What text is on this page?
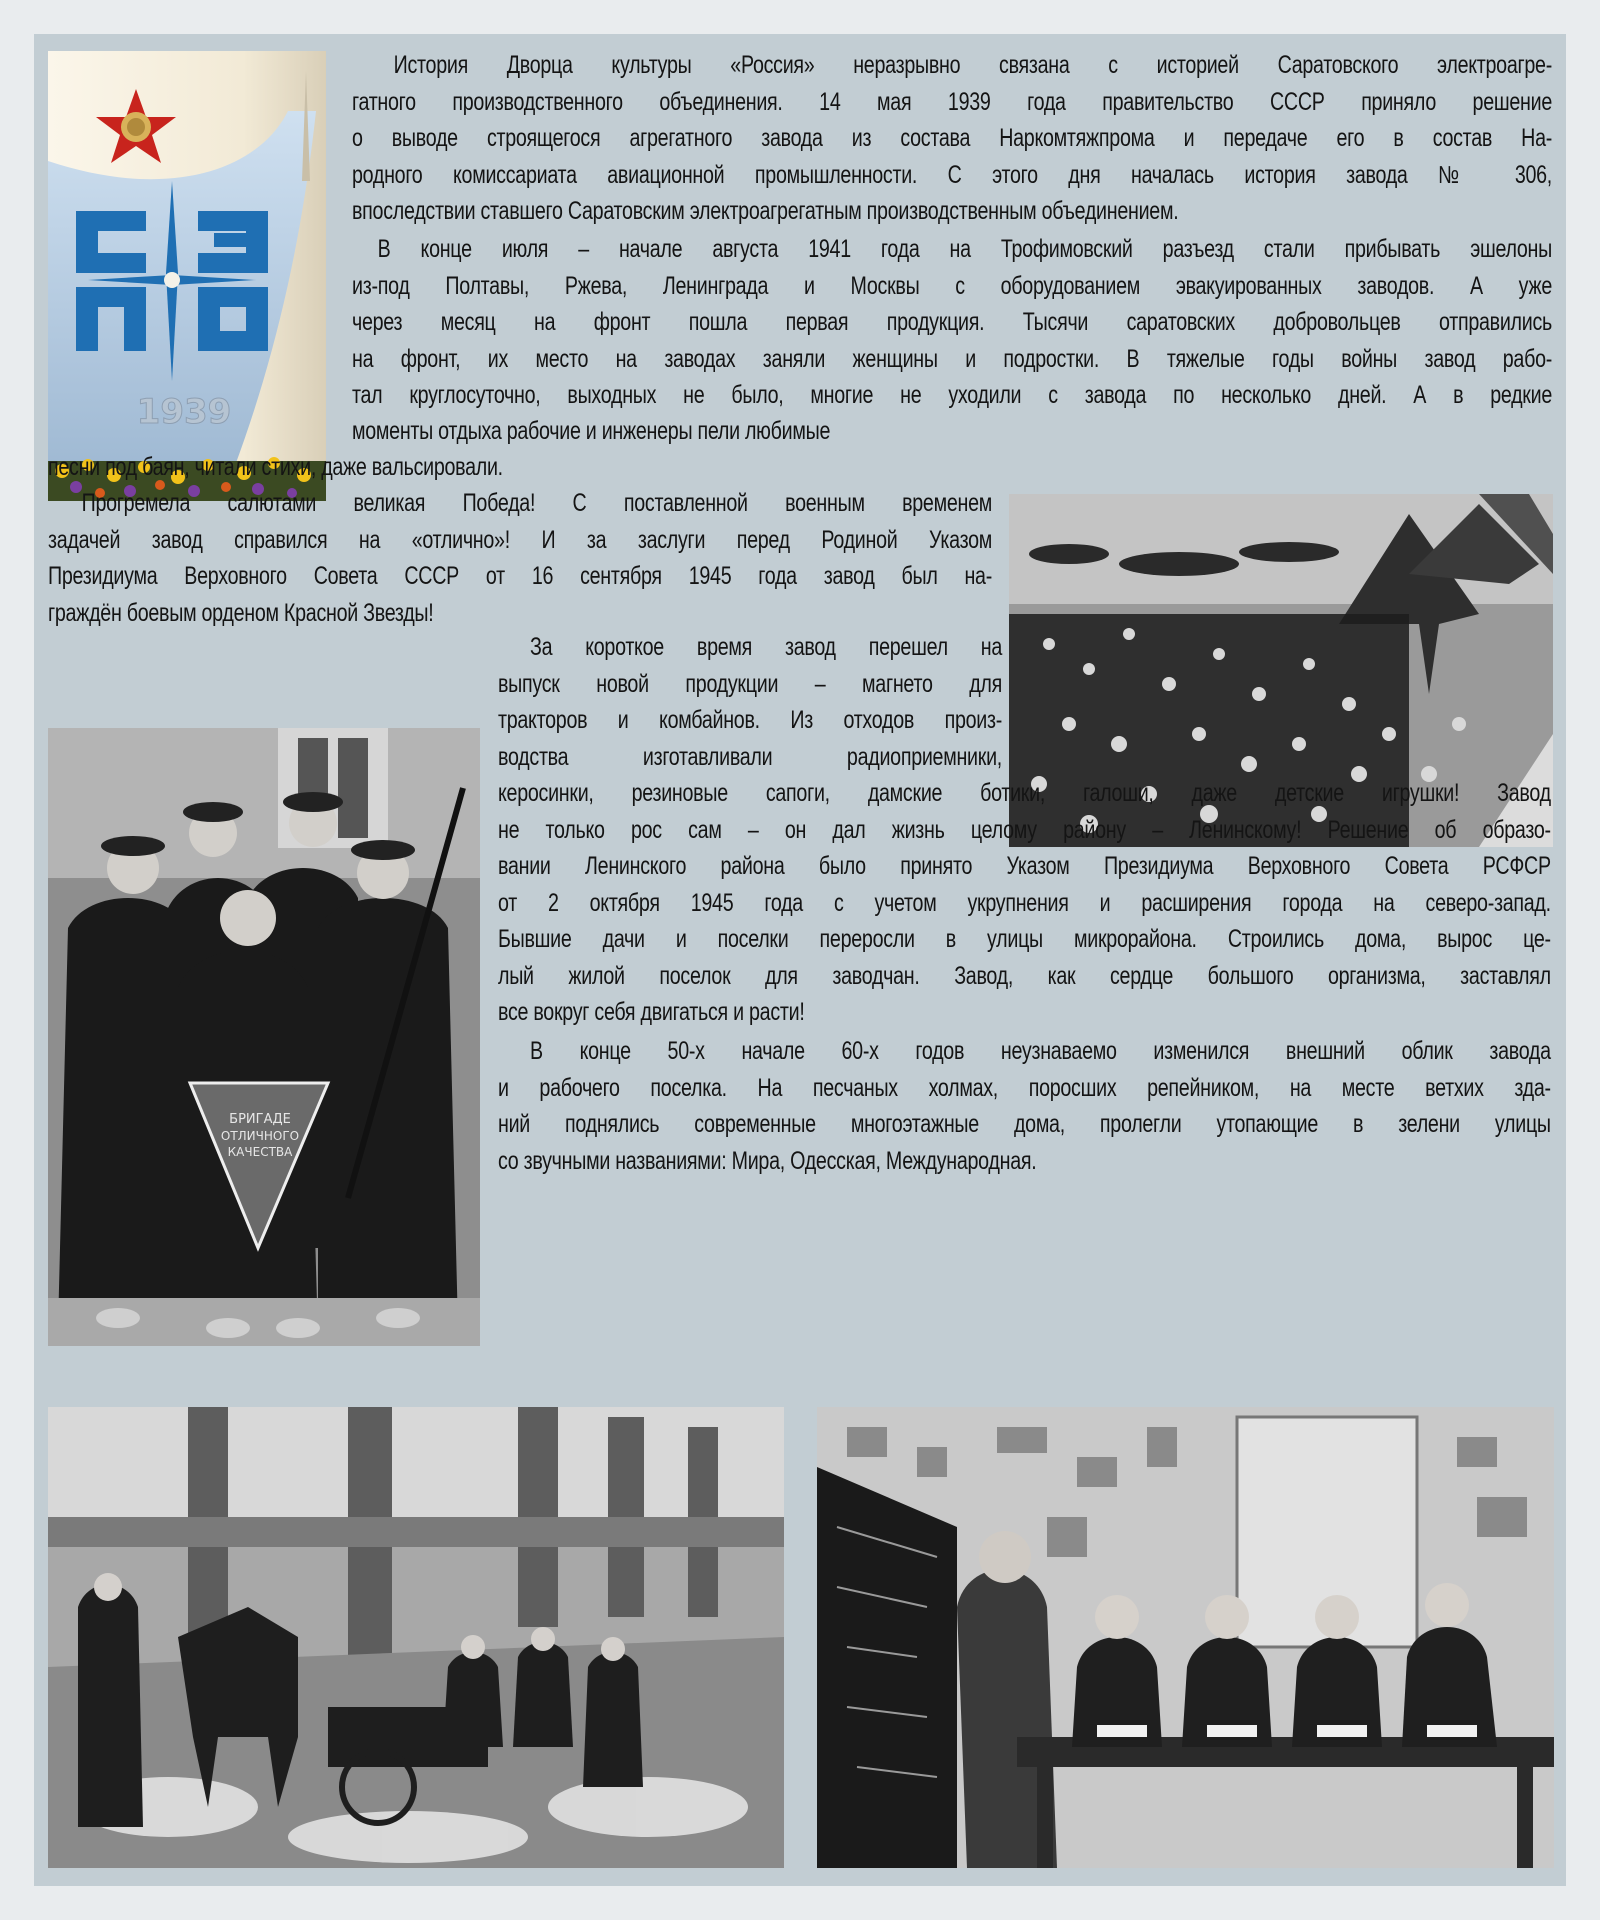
1939
БРИГАДЕ
ОТЛИЧНОГО
КАЧЕСТВА

История Дворца культуры «Россия» неразрывно связана с историей Саратовского электроагре-

гатного производственного объединения. 14 мая 1939 года правительство СССР приняло решение
о выводе строящегося агрегатного завода из состава Наркомтяжпрома и передаче его в состав На-
родного комиссариата авиационной промышленности. С этого дня началась история завода № 306,
впоследствии ставшего Саратовским электроагрегатным производственным объединением.
В конце июля – начале августа 1941 года на Трофимовский разъезд стали прибывать эшелоны
из-под Полтавы, Ржева, Ленинграда и Москвы с оборудованием эвакуированных заводов. А уже
через месяц на фронт пошла первая продукция. Тысячи саратовских добровольцев отправились
на фронт, их место на заводах заняли женщины и подростки. В тяжелые годы войны завод рабо-
тал круглосуточно, выходных не было, многие не уходили с завода по несколько дней. А в редкие
моменты отдыха рабочие и инженеры пели любимые
песни под баян, читали стихи, даже вальсировали.
Прогремела салютами великая Победа! С поставленной военным временем
задачей завод справился на «отлично»! И за заслуги перед Родиной Указом
Президиума Верховного Совета СССР от 16 сентября 1945 года завод был на-
граждён боевым орденом Красной Звезды!
За короткое время завод перешел на
выпуск новой продукции – магнето для
тракторов и комбайнов. Из отходов произ-
водства изготавливали радиоприемники,
керосинки, резиновые сапоги, дамские ботики, галоши, даже детские игрушки! Завод
не только рос сам – он дал жизнь целому району – Ленинскому! Решение об образо-
вании Ленинского района было принято Указом Президиума Верховного Совета РСФСР
от 2 октября 1945 года с учетом укрупнения и расширения города на северо-запад.
Бывшие дачи и поселки переросли в улицы микрорайона. Строились дома, вырос це-
лый жилой поселок для заводчан. Завод, как сердце большого организма, заставлял
все вокруг себя двигаться и расти!
В конце 50-х начале 60-х годов неузнаваемо изменился внешний облик завода
и рабочего поселка. На песчаных холмах, поросших репейником, на месте ветхих зда-
ний поднялись современные многоэтажные дома, пролегли утопающие в зелени улицы
со звучными названиями: Мира, Одесская, Международная.
